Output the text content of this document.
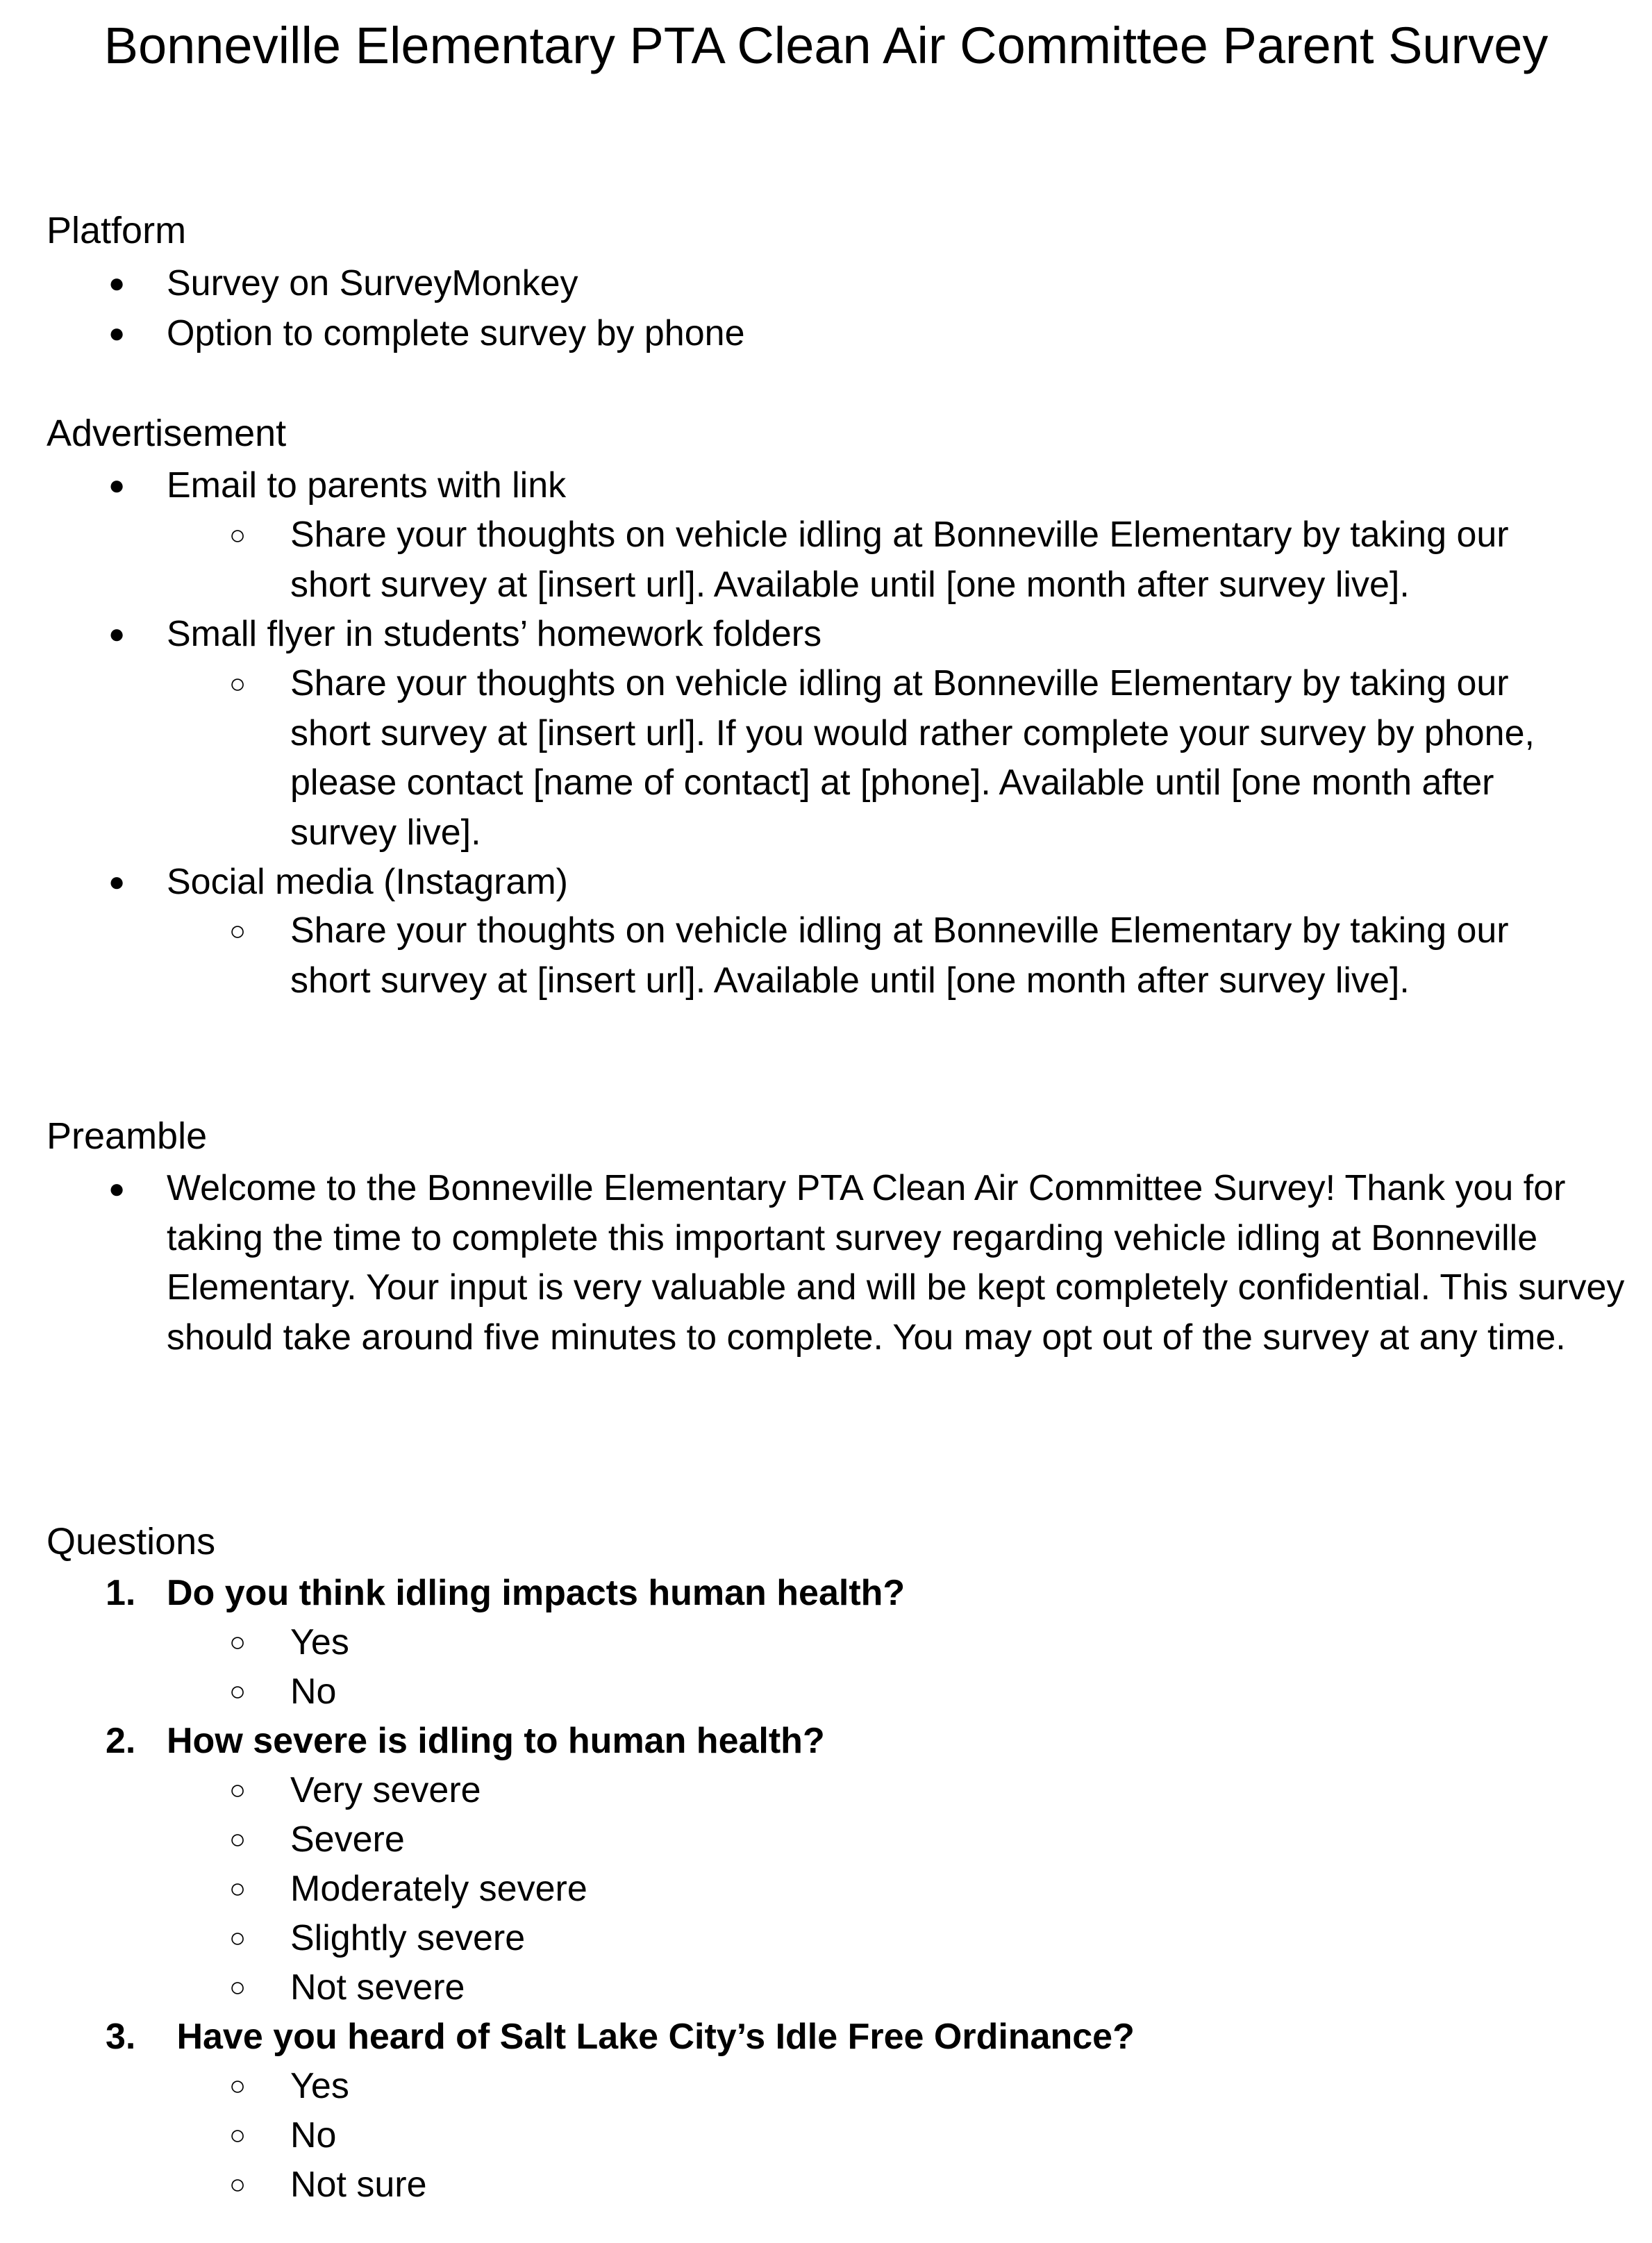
Bonneville Elementary PTA Clean Air Committee Parent Survey
Platform
●	Survey on SurveyMonkey
●	Option to complete survey by phone
Advertisement
●	Email to parents with link
○ Share your thoughts on vehicle idling at Bonneville Elementary by taking our short survey at [insert url]. Available until [one month after survey live].

●	Small flyer in students’ homework folders
○ Share your thoughts on vehicle idling at Bonneville Elementary by taking our short survey at [insert url]. If you would rather complete your survey by phone, please contact [name of contact] at [phone]. Available until [one month after survey live].

●	Social media (Instagram)
○ Share your thoughts on vehicle idling at Bonneville Elementary by taking our short survey at [insert url]. Available until [one month after survey live].

Preamble
● Welcome to the Bonneville Elementary PTA Clean Air Committee Survey! Thank you for taking the time to complete this important survey regarding vehicle idling at Bonneville Elementary. Your input is very valuable and will be kept completely confidential. This survey should take around five minutes to complete. You may opt out of the survey at any time.

Questions
1. Do you think idling impacts human health?
○	Yes
○	No
2. How severe is idling to human health?
○	Very severe
○	Severe
○	Moderately severe
○	Slightly severe
○	Not severe
3. Have you heard of Salt Lake City’s Idle Free Ordinance?
○	Yes
○	No
○	Not sure
